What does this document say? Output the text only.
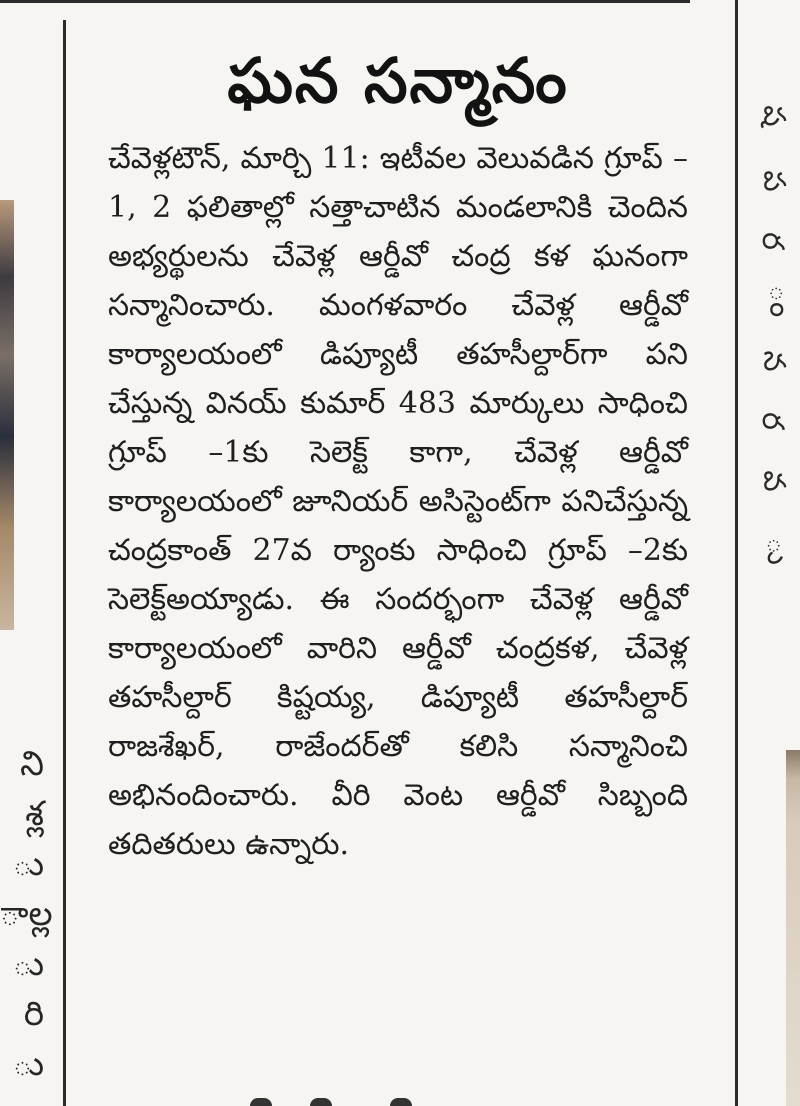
ని
శ్ల
ు
ాల్ల
ు
రి
ు
ఘన సన్మానం

చేవెళ్లటౌన్, మార్చి 11: ఇటీవల వెలువడిన గ్రూప్ –1, 2 ఫలితాల్లో సత్తాచాటిన మండలానికి చెందిన అభ్యర్థులను చేవెళ్ల ఆర్డీవో చంద్ర కళ ఘనంగా సన్మానించారు. మంగళవారం చేవెళ్ల ఆర్డీవో కార్యాలయంలో డిప్యూటీ తహసీల్దార్‌గా పని చేస్తున్న వినయ్ కుమార్ 483 మార్కులు సాధించి గ్రూప్ –1కు సెలెక్ట్ కాగా, చేవెళ్ల ఆర్డీవో కార్యాలయంలో జూనియర్ అసిస్టెంట్‌గా పనిచేస్తున్న చంద్రకాంత్ 27వ ర్యాంకు సాధించి గ్రూప్ –2కు సెలెక్ట్అయ్యాడు. ఈ సందర్భంగా చేవెళ్ల ఆర్డీవో కార్యాలయంలో వారిని ఆర్డీవో చంద్రకళ, చేవెళ్ల తహసీల్దార్ కిష్టయ్య, డిప్యూటీ తహసీల్దార్ రాజశేఖర్, రాజేందర్‌తో కలిసి సన్మానించి అభినందించారు. వీరి వెంట ఆర్డీవో సిబ్బంది తదితరులు ఉన్నారు.

ష
ప
ర
ం
న
ర
వ
ు
